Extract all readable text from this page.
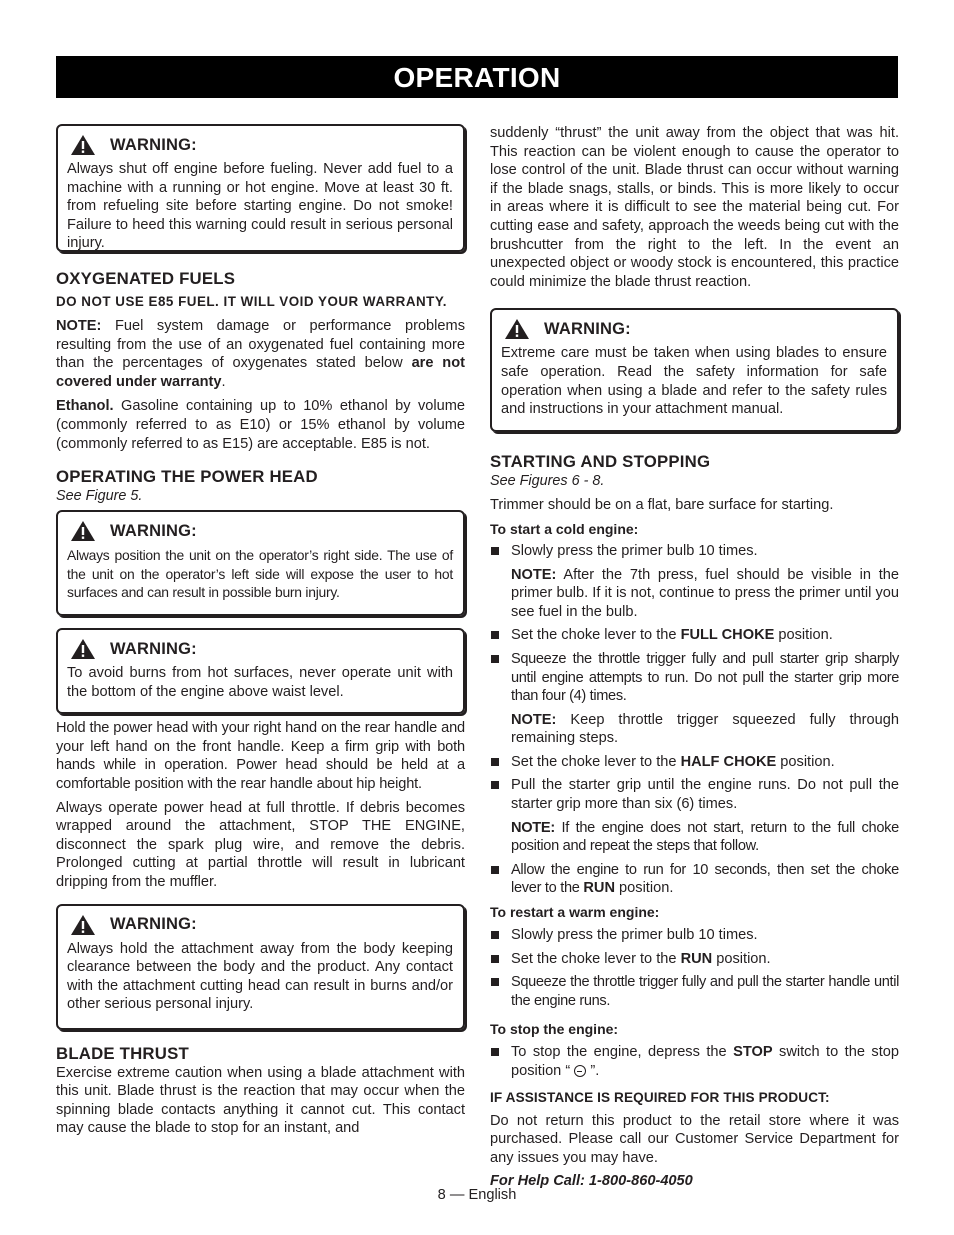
OPERATION
WARNING:

Always shut off engine before fueling. Never add fuel to a machine with a running or hot engine. Move at least 30 ft. from refueling site before starting engine. Do not smoke! Failure to heed this warning could result in serious personal injury.

OXYGENATED FUELS

DO NOT USE E85 FUEL. IT WILL VOID YOUR WARRANTY.

NOTE: Fuel system damage or performance problems resulting from the use of an oxygenated fuel containing more than the percentages of oxygenates stated below are not covered under warranty.

Ethanol. Gasoline containing up to 10% ethanol by volume (commonly referred to as E10) or 15% ethanol by volume (commonly referred to as E15) are acceptable. E85 is not.

OPERATING THE POWER HEAD

See Figure 5.

WARNING:

Always position the unit on the operator’s right side. The use of the unit on the operator’s left side will expose the user to hot surfaces and can result in possible burn injury.

WARNING:

To avoid burns from hot surfaces, never operate unit with the bottom of the engine above waist level.

Hold the power head with your right hand on the rear handle and your left hand on the front handle. Keep a firm grip with both hands while in operation. Power head should be held at a comfortable position with the rear handle about hip height.

Always operate power head at full throttle. If debris becomes wrapped around the attachment, STOP THE ENGINE, disconnect the spark plug wire, and remove the debris. Prolonged cutting at partial throttle will result in lubricant dripping from the muffler.

WARNING:

Always hold the attachment away from the body keeping clearance between the body and the product. Any contact with the attachment cutting head can result in burns and/or other serious personal injury.

BLADE THRUST

Exercise extreme caution when using a blade attachment with this unit. Blade thrust is the reaction that may occur when the spinning blade contacts anything it cannot cut. This contact may cause the blade to stop for an instant, and

suddenly “thrust” the unit away from the object that was hit. This reaction can be violent enough to cause the operator to lose control of the unit. Blade thrust can occur without warning if the blade snags, stalls, or binds. This is more likely to occur in areas where it is difficult to see the material being cut. For cutting ease and safety, approach the weeds being cut with the brushcutter from the right to the left. In the event an unexpected object or woody stock is encountered, this practice could minimize the blade thrust reaction.

WARNING:

Extreme care must be taken when using blades to ensure safe operation. Read the safety information for safe operation when using a blade and refer to the safety rules and instructions in your attachment manual.

STARTING AND STOPPING

See Figures 6 - 8.

Trimmer should be on a flat, bare surface for starting.

To start a cold engine:

Slowly press the primer bulb 10 times.
NOTE: After the 7th press, fuel should be visible in the primer bulb. If it is not, continue to press the primer until you see fuel in the bulb.
Set the choke lever to the FULL CHOKE position.
Squeeze the throttle trigger fully and pull starter grip sharply until engine attempts to run. Do not pull the starter grip more than four (4) times.
NOTE: Keep throttle trigger squeezed fully through remaining steps.
Set the choke lever to the HALF CHOKE position.
Pull the starter grip until the engine runs. Do not pull the starter grip more than six (6) times.
NOTE: If the engine does not start, return to the full choke position and repeat the steps that follow.
Allow the engine to run for 10 seconds, then set the choke lever to the RUN position.

To restart a warm engine:

Slowly press the primer bulb 10 times.
Set the choke lever to the RUN position.
Squeeze the throttle trigger fully and pull the starter handle until the engine runs.

To stop the engine:

To stop the engine, depress the STOP switch to the stop position “  ”.

IF ASSISTANCE IS REQUIRED FOR THIS PRODUCT:

Do not return this product to the retail store where it was purchased. Please call our Customer Service Department for any issues you may have.

For Help Call: 1-800-860-4050

8 — English
